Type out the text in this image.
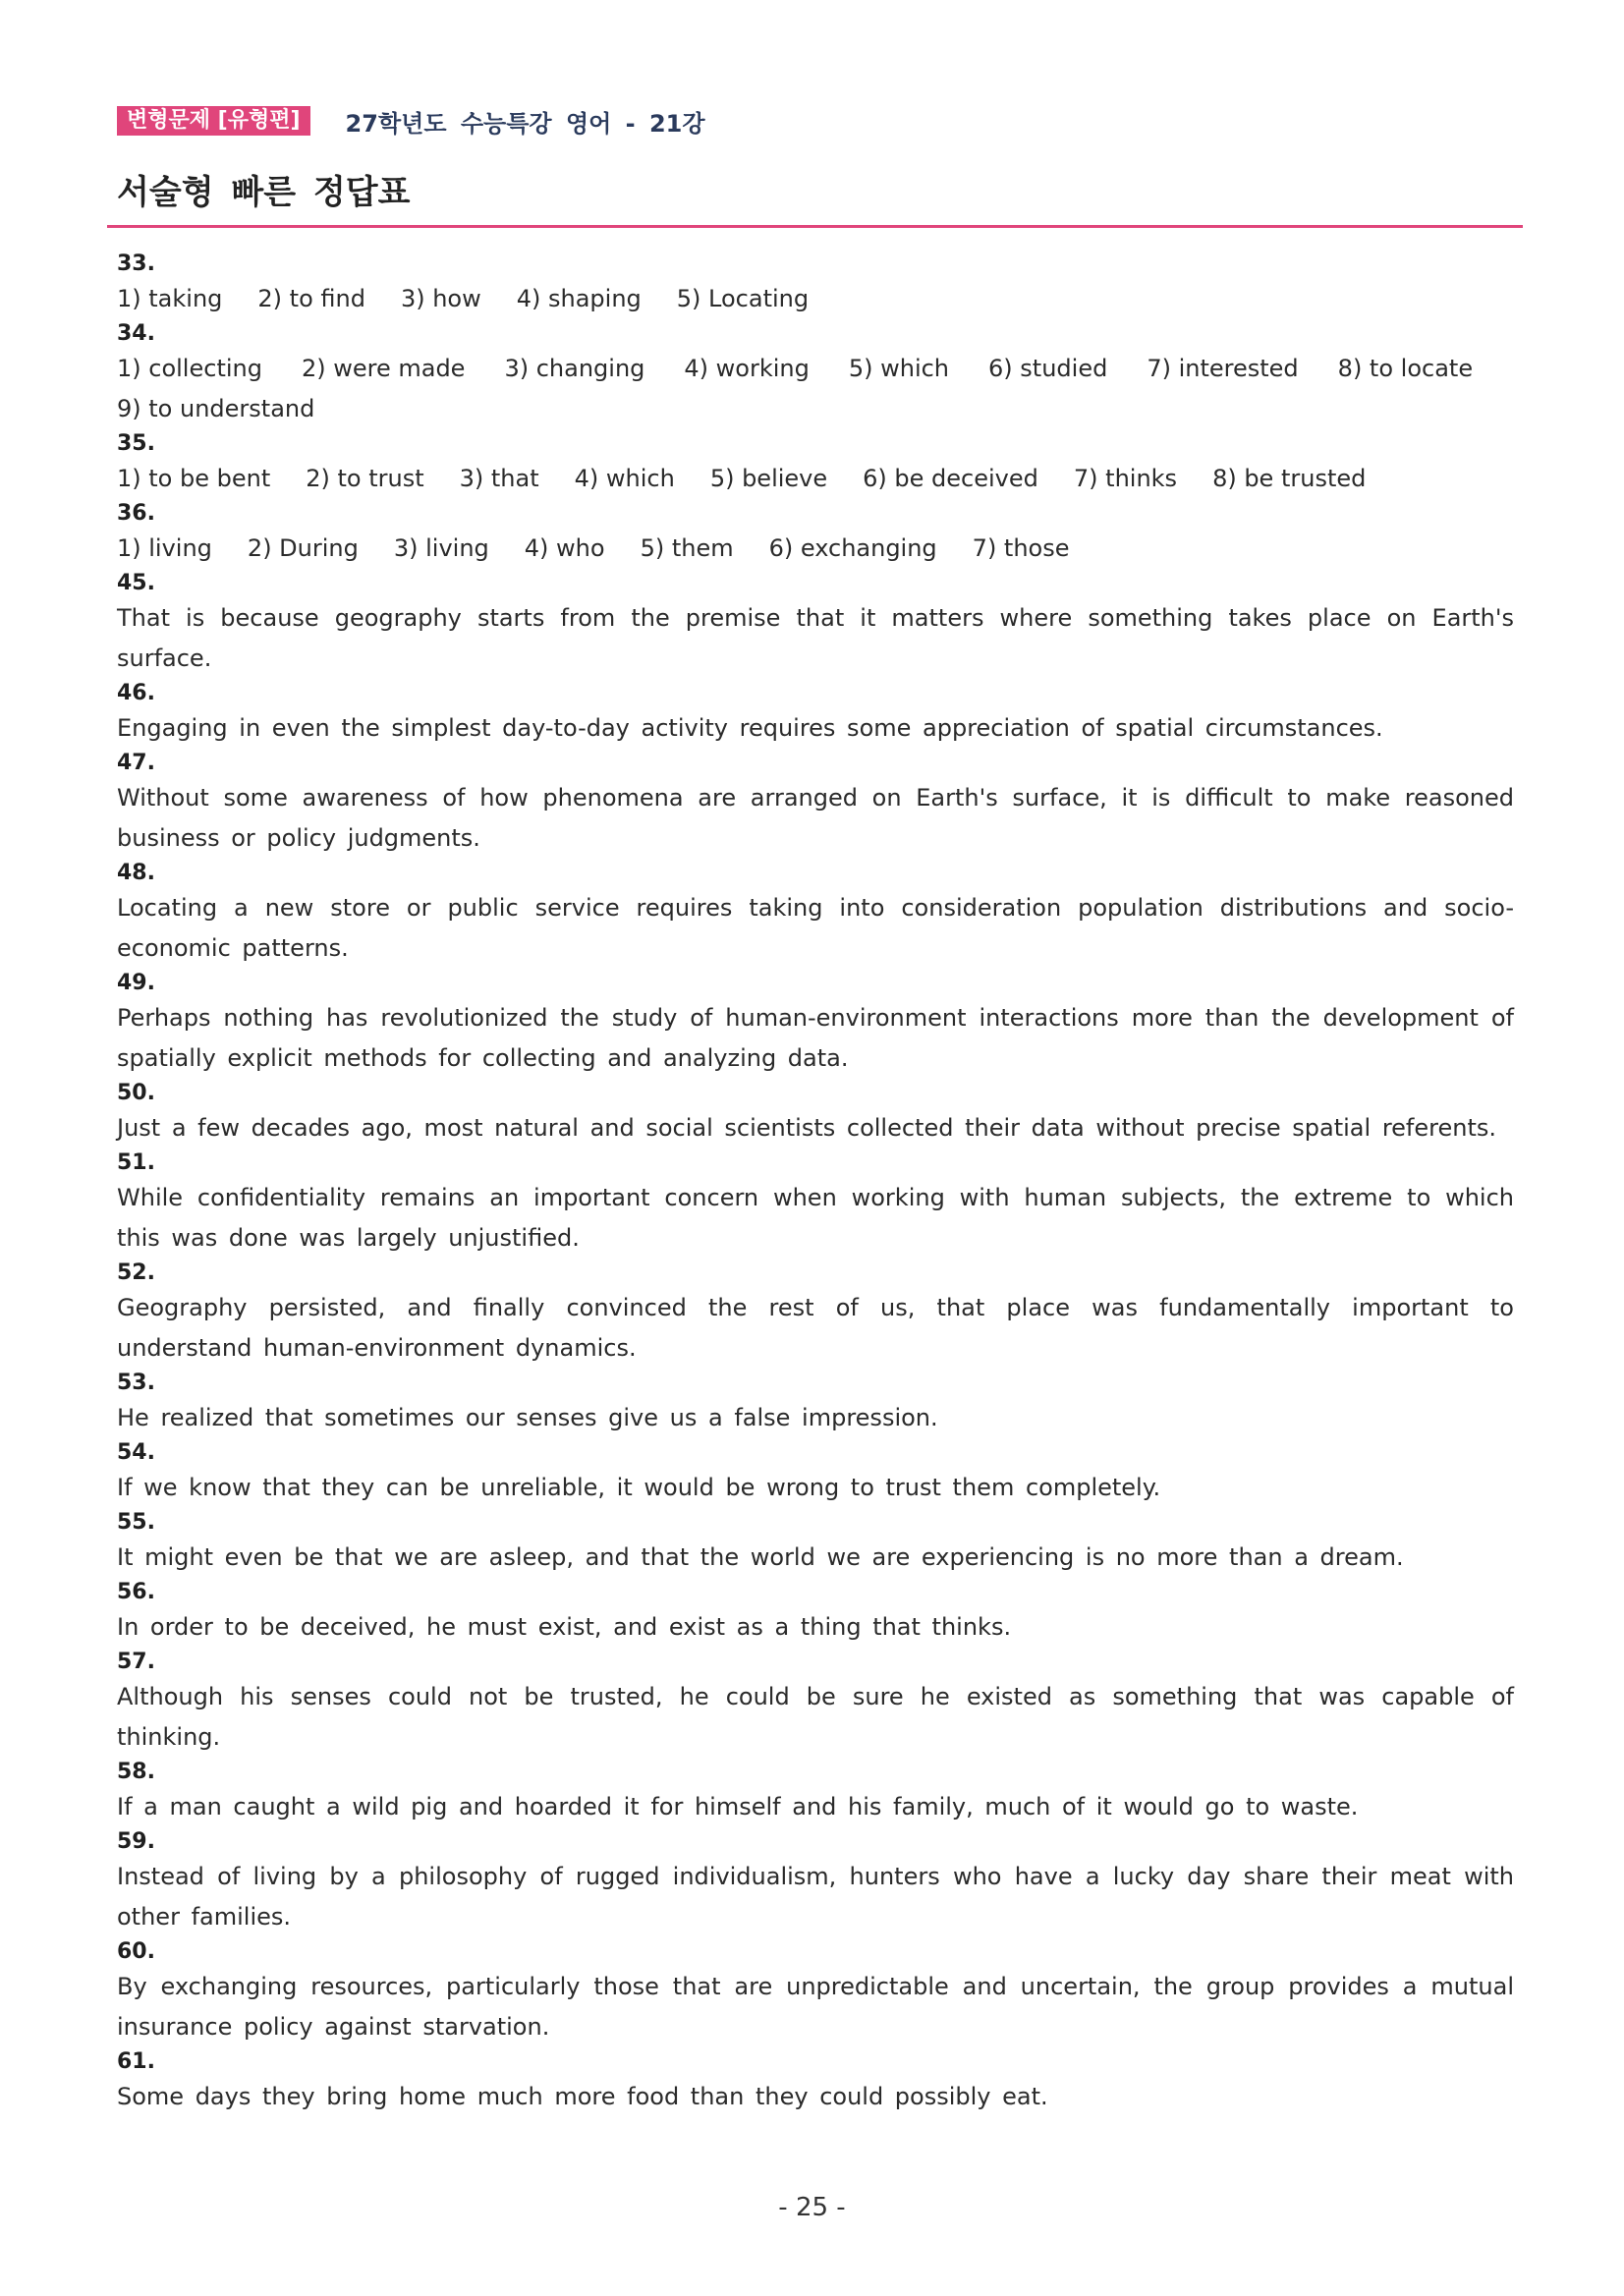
변형문제 [유형편]	27학년도 수능특강 영어 - 21강
서술형 빠른 정답표
33.
1) taking 2) to find 3) how 4) shaping 5) Locating
34.
1) collecting 2) were made 3) changing 4) working 5) which 6) studied 7) interested 8) to locate
9) to understand
35.
1) to be bent 2) to trust 3) that 4) which 5) believe 6) be deceived 7) thinks 8) be trusted
36.
1) living 2) During 3) living 4) who 5) them 6) exchanging 7) those
45.
That is because geography starts from the premise that it matters where something takes place on Earth's surface.
46.
Engaging in even the simplest day-to-day activity requires some appreciation of spatial circumstances.
47.
Without some awareness of how phenomena are arranged on Earth's surface, it is difficult to make reasoned business or policy judgments.
48.
Locating a new store or public service requires taking into consideration population distributions and socio-economic patterns.
49.
Perhaps nothing has revolutionized the study of human-environment interactions more than the development of spatially explicit methods for collecting and analyzing data.
50.
Just a few decades ago, most natural and social scientists collected their data without precise spatial referents.
51.
While confidentiality remains an important concern when working with human subjects, the extreme to which this was done was largely unjustified.
52.
Geography persisted, and finally convinced the rest of us, that place was fundamentally important to understand human-environment dynamics.
53.
He realized that sometimes our senses give us a false impression.
54.
If we know that they can be unreliable, it would be wrong to trust them completely.
55.
It might even be that we are asleep, and that the world we are experiencing is no more than a dream.
56.
In order to be deceived, he must exist, and exist as a thing that thinks.
57.
Although his senses could not be trusted, he could be sure he existed as something that was capable of thinking.
58.
If a man caught a wild pig and hoarded it for himself and his family, much of it would go to waste.
59.
Instead of living by a philosophy of rugged individualism, hunters who have a lucky day share their meat with other families.
60.
By exchanging resources, particularly those that are unpredictable and uncertain, the group provides a mutual insurance policy against starvation.
61.
Some days they bring home much more food than they could possibly eat.
- 25 -
